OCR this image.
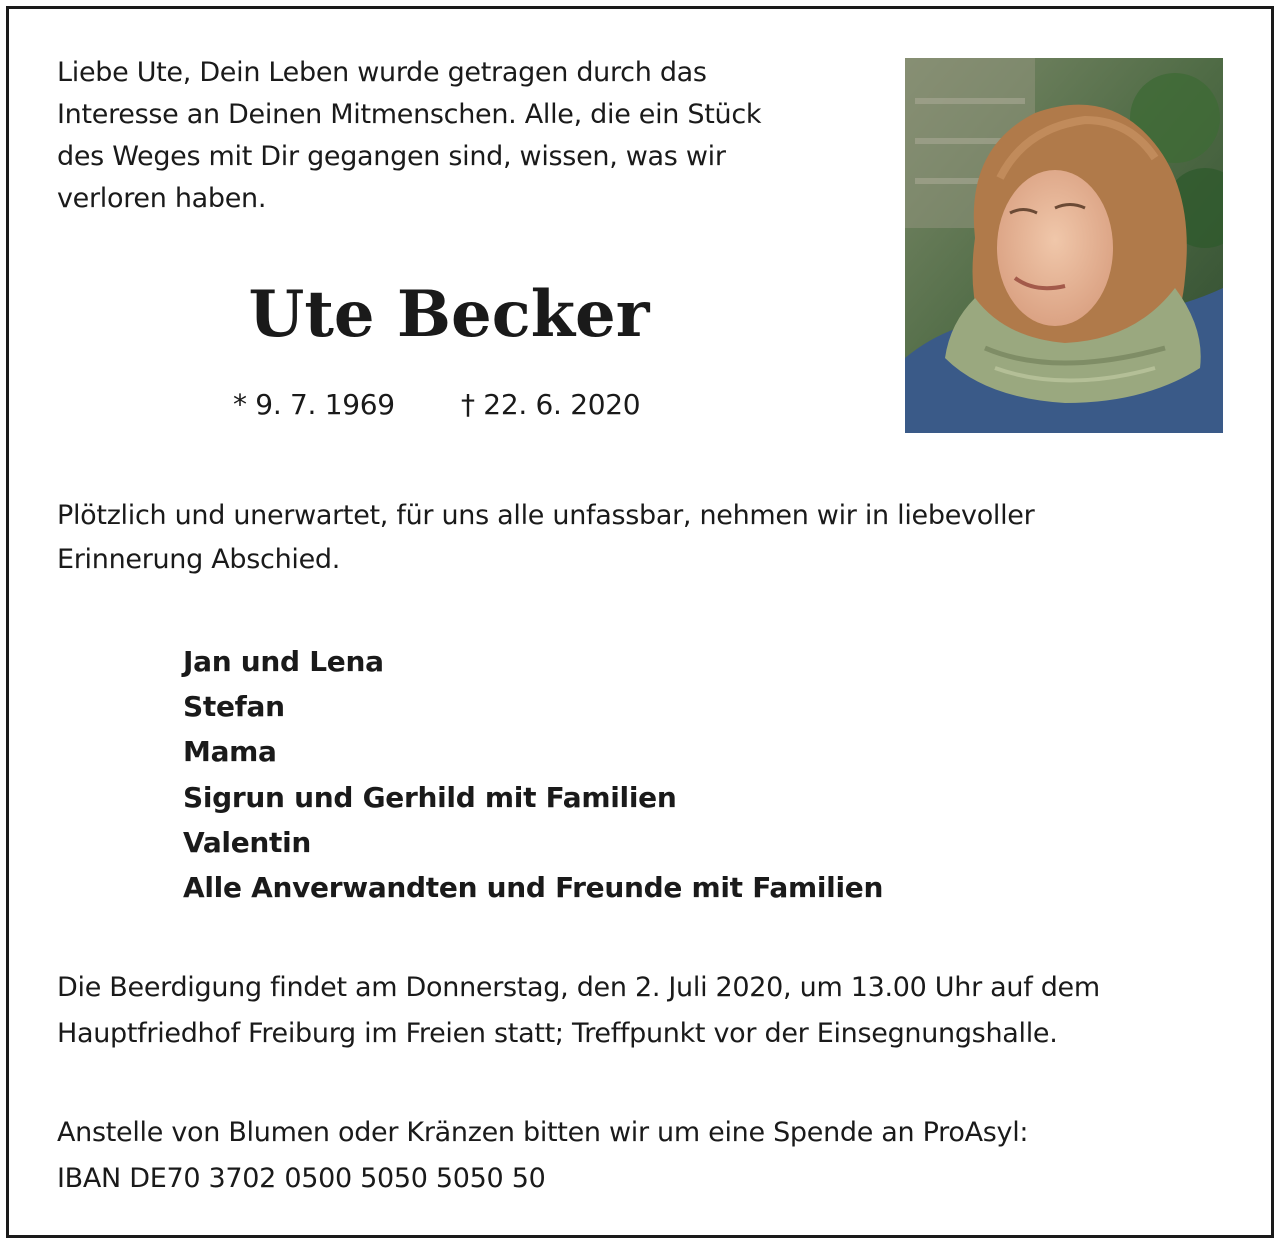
Liebe Ute, Dein Leben wurde getragen durch das
Interesse an Deinen Mitmenschen. Alle, die ein Stück
des Weges mit Dir gegangen sind, wissen, was wir
verloren haben.

Ute Becker
* 9. 7. 1969 † 22. 6. 2020

Plötzlich und unerwartet, für uns alle unfassbar, nehmen wir in liebevoller
Erinnerung Abschied.

Jan und Lena
Stefan
Mama
Sigrun und Gerhild mit Familien
Valentin
Alle Anverwandten und Freunde mit Familien

Die Beerdigung findet am Donnerstag, den 2. Juli 2020, um 13.00 Uhr auf dem
Hauptfriedhof Freiburg im Freien statt; Treffpunkt vor der Einsegnungshalle.

Anstelle von Blumen oder Kränzen bitten wir um eine Spende an ProAsyl:
IBAN DE70 3702 0500 5050 5050 50
